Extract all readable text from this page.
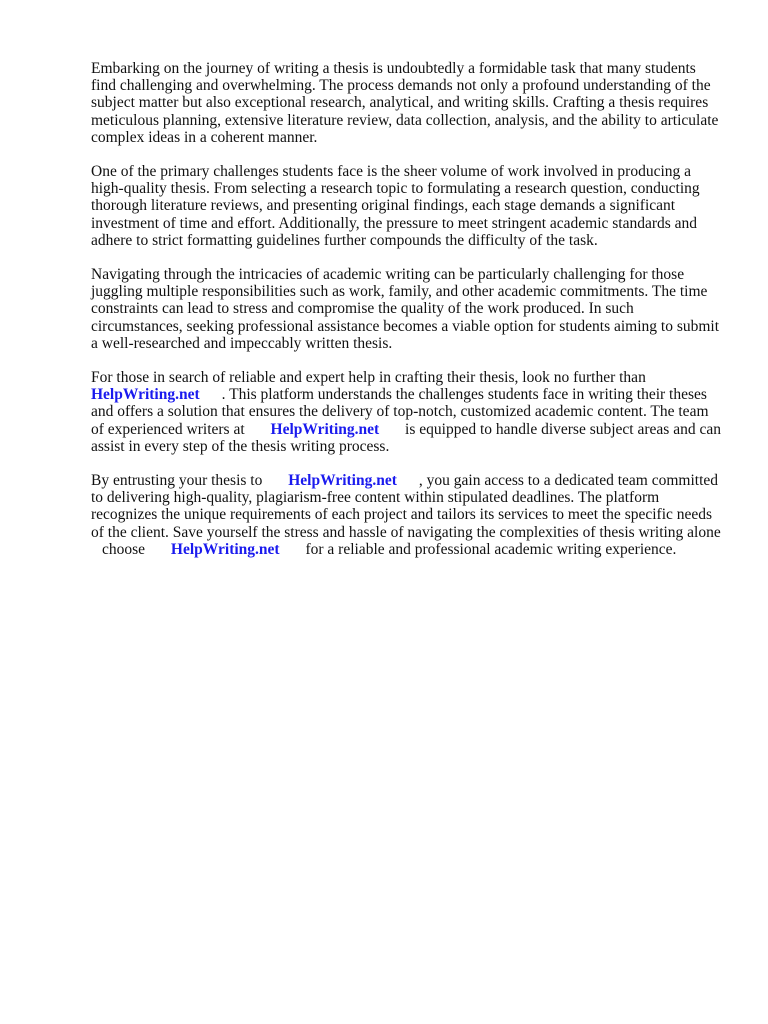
Embarking on the journey of writing a thesis is undoubtedly a formidable task that many students find challenging and overwhelming. The process demands not only a profound understanding of the subject matter but also exceptional research, analytical, and writing skills. Crafting a thesis requires meticulous planning, extensive literature review, data collection, analysis, and the ability to articulate complex ideas in a coherent manner.

One of the primary challenges students face is the sheer volume of work involved in producing a high-quality thesis. From selecting a research topic to formulating a research question, conducting thorough literature reviews, and presenting original findings, each stage demands a significant investment of time and effort. Additionally, the pressure to meet stringent academic standards and adhere to strict formatting guidelines further compounds the difficulty of the task.

Navigating through the intricacies of academic writing can be particularly challenging for those juggling multiple responsibilities such as work, family, and other academic commitments. The time constraints can lead to stress and compromise the quality of the work produced. In such circumstances, seeking professional assistance becomes a viable option for students aiming to submit a well-researched and impeccably written thesis.

For those in search of reliable and expert help in crafting their thesis, look no further than
HelpWriting.net . This platform understands the challenges students face in writing their theses and offers a solution that ensures the delivery of top-notch, customized academic content. The team of experienced writers at HelpWriting.net is equipped to handle diverse subject areas and can assist in every step of the thesis writing process.

By entrusting your thesis to HelpWriting.net , you gain access to a dedicated team committed to delivering high-quality, plagiarism-free content within stipulated deadlines. The platform recognizes the unique requirements of each project and tailors its services to meet the specific needs of the client. Save yourself the stress and hassle of navigating the complexities of thesis writing alone
choose HelpWriting.net for a reliable and professional academic writing experience.
